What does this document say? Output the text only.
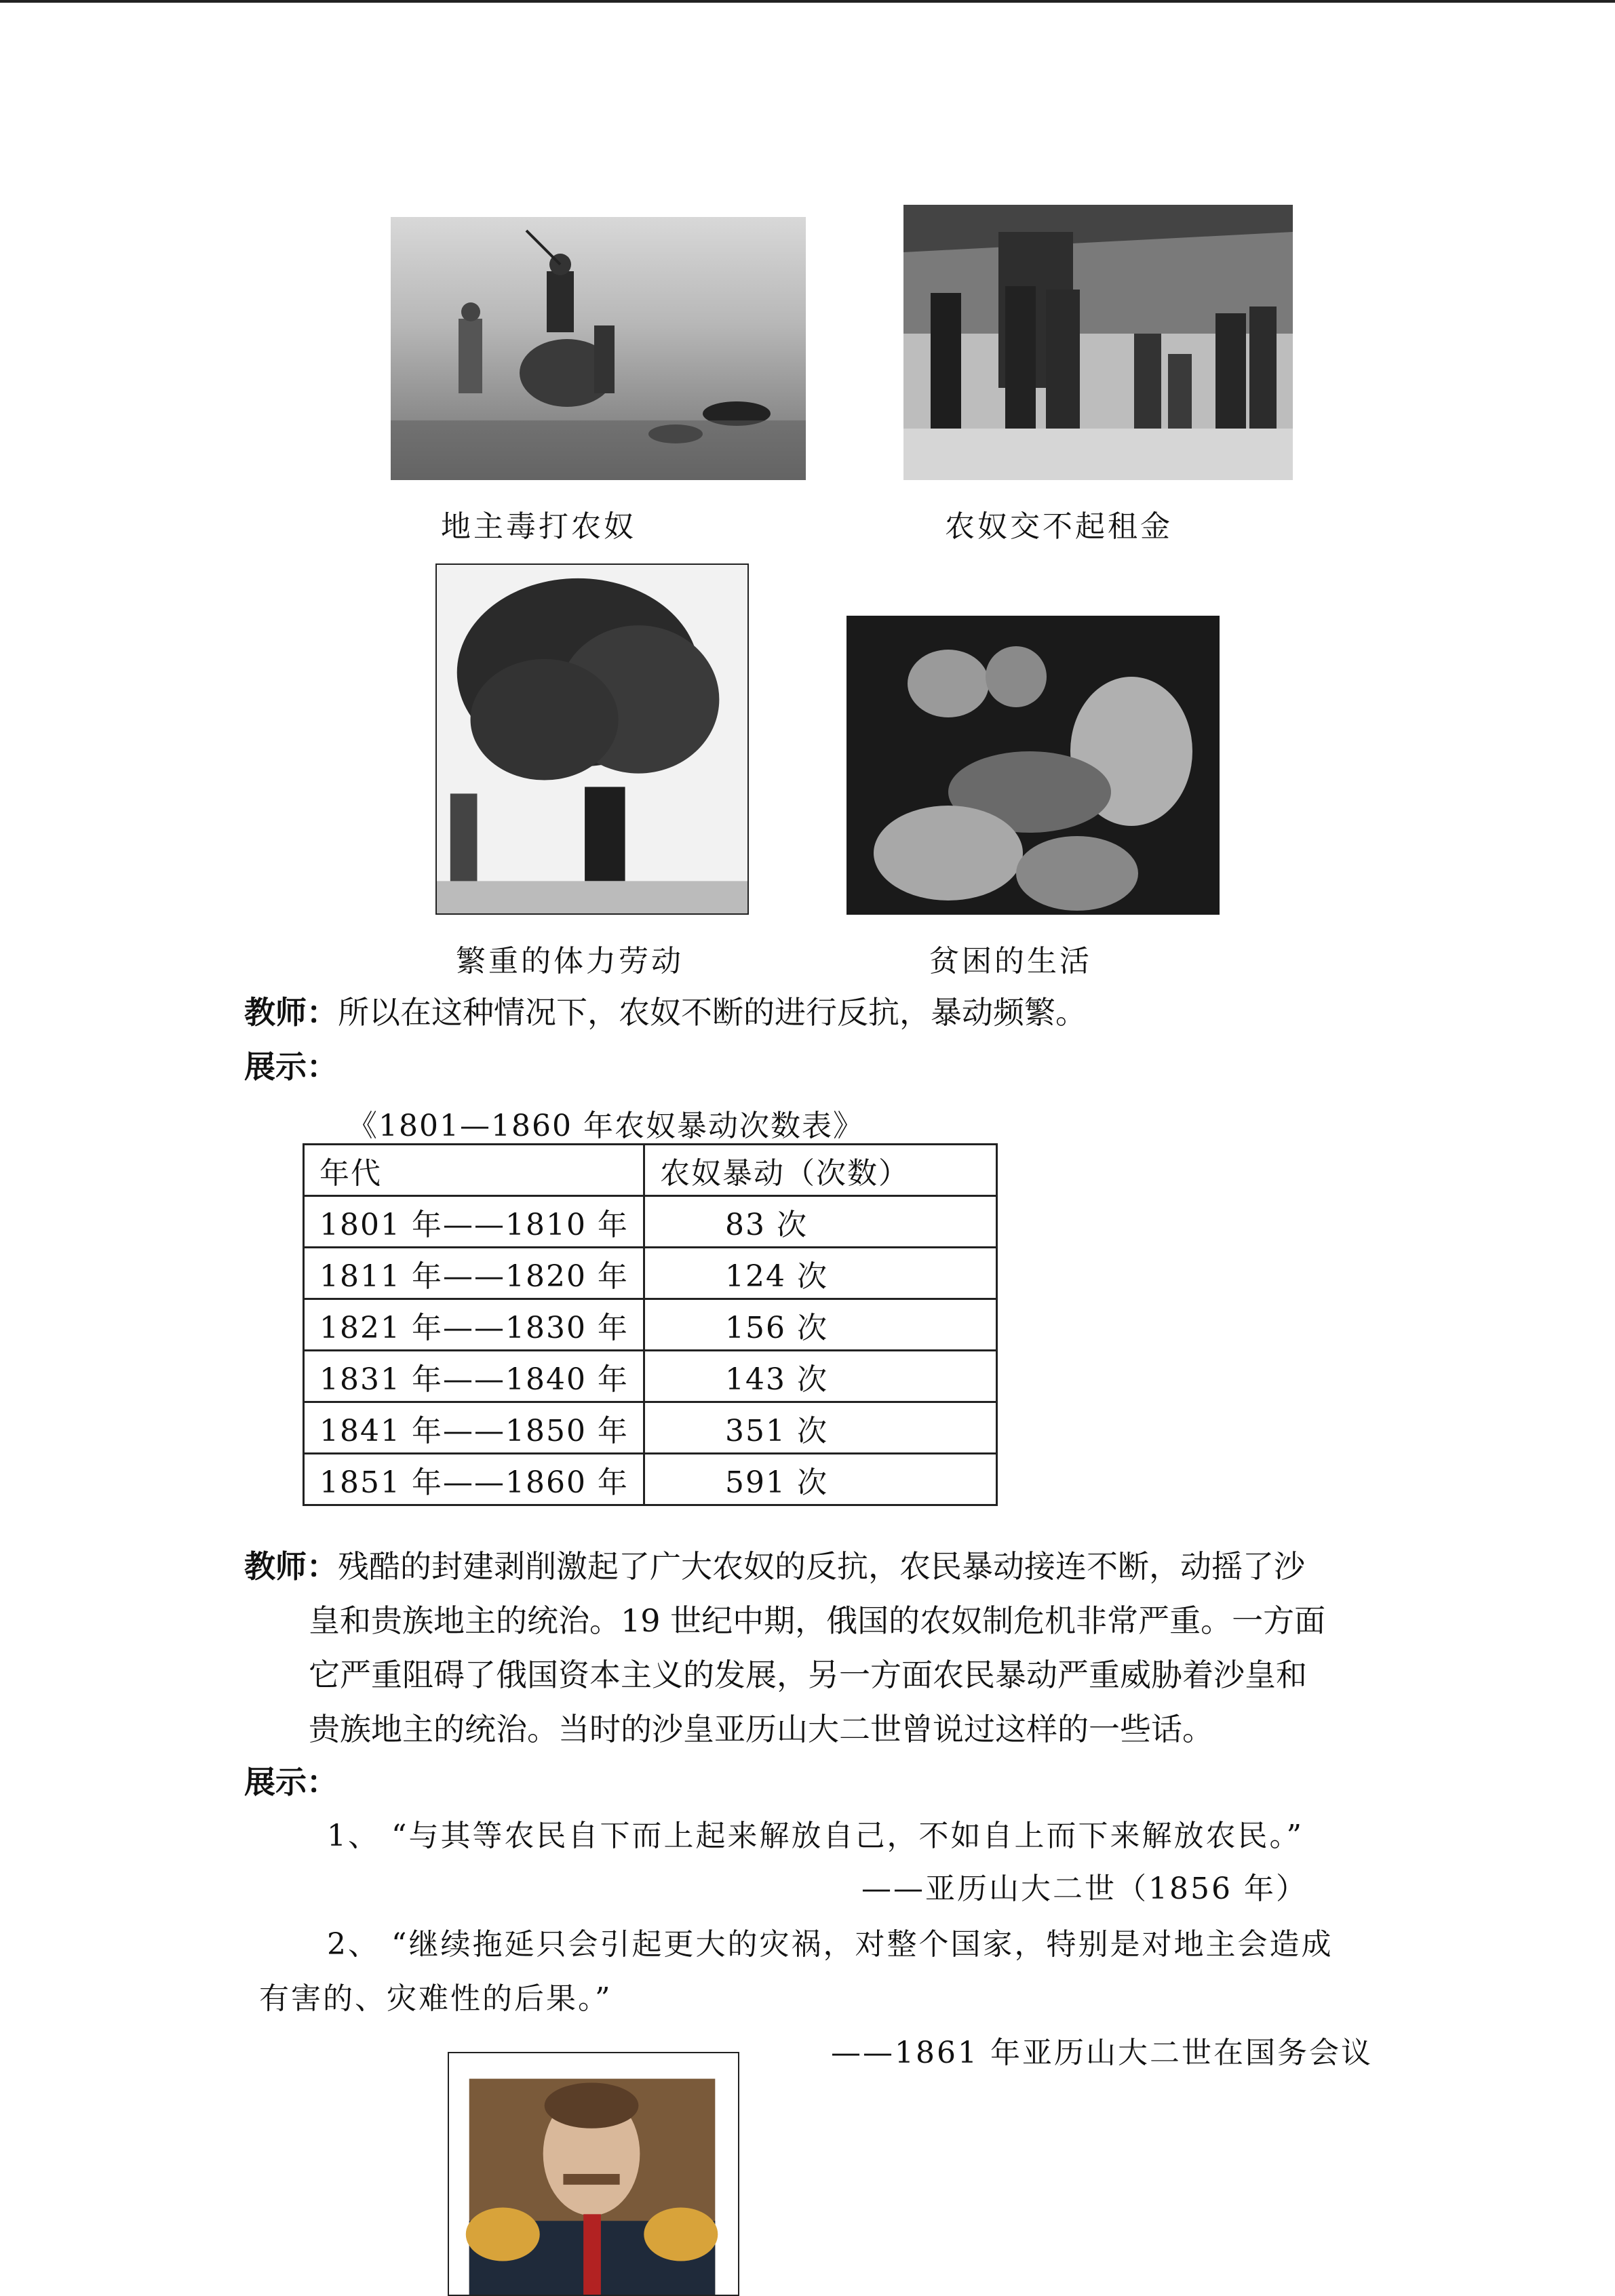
地主毒打农奴	农奴交不起租金
繁重的体力劳动	贫困的生活
教师：所以在这种情况下，农奴不断的进行反抗，暴动频繁。
展示：
《1801—1860 年农奴暴动次数表》
年代	农奴暴动（次数）
1801 年——1810 年	83 次
1811 年——1820 年	124 次
1821 年——1830 年	156 次
1831 年——1840 年	143 次
1841 年——1850 年	351 次
1851 年——1860 年	591 次
教师：残酷的封建剥削激起了广大农奴的反抗，农民暴动接连不断，动摇了沙
皇和贵族地主的统治。19 世纪中期，俄国的农奴制危机非常严重。一方面
它严重阻碍了俄国资本主义的发展，另一方面农民暴动严重威胁着沙皇和
贵族地主的统治。当时的沙皇亚历山大二世曾说过这样的一些话。
展示：
1、 “与其等农民自下而上起来解放自己，不如自上而下来解放农民。”
——亚历山大二世（1856 年）
2、 “继续拖延只会引起更大的灾祸，对整个国家，特别是对地主会造成
有害的、灾难性的后果。”
——1861 年亚历山大二世在国务会议
